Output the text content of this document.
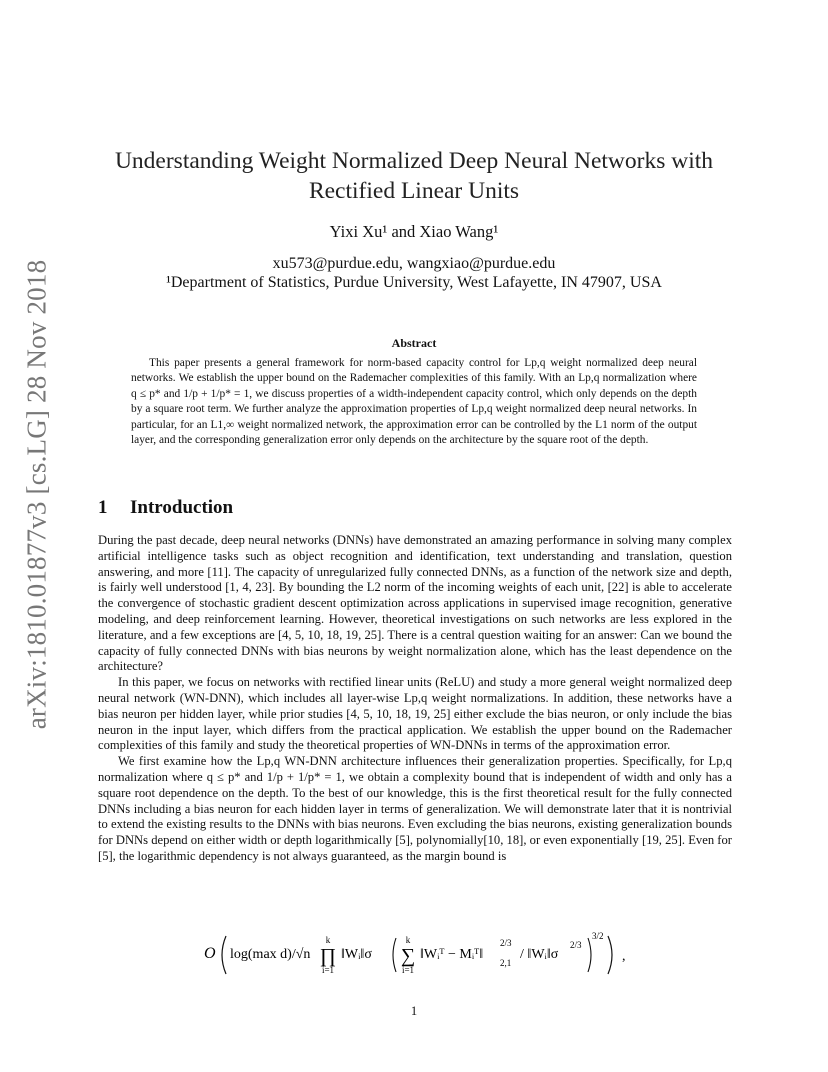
arXiv:1810.01877v3 [cs.LG] 28 Nov 2018
Understanding Weight Normalized Deep Neural Networks with
Rectified Linear Units
Yixi Xu¹ and Xiao Wang¹
xu573@purdue.edu, wangxiao@purdue.edu
¹Department of Statistics, Purdue University, West Lafayette, IN 47907, USA
Abstract
This paper presents a general framework for norm-based capacity control for Lp,q weight normalized deep neural networks. We establish the upper bound on the Rademacher complexities of this family. With an Lp,q normalization where q ≤ p* and 1/p + 1/p* = 1, we discuss properties of a width-independent capacity control, which only depends on the depth by a square root term. We further analyze the approximation properties of Lp,q weight normalized deep neural networks. In particular, for an L1,∞ weight normalized network, the approximation error can be controlled by the L1 norm of the output layer, and the corresponding generalization error only depends on the architecture by the square root of the depth.
1 Introduction

During the past decade, deep neural networks (DNNs) have demonstrated an amazing performance in solving many complex artificial intelligence tasks such as object recognition and identification, text understanding and translation, question answering, and more [11]. The capacity of unregularized fully connected DNNs, as a function of the network size and depth, is fairly well understood [1, 4, 23]. By bounding the L2 norm of the incoming weights of each unit, [22] is able to accelerate the convergence of stochastic gradient descent optimization across applications in supervised image recognition, generative modeling, and deep reinforcement learning. However, theoretical investigations on such networks are less explored in the literature, and a few exceptions are [4, 5, 10, 18, 19, 25]. There is a central question waiting for an answer: Can we bound the capacity of fully connected DNNs with bias neurons by weight normalization alone, which has the least dependence on the architecture?

In this paper, we focus on networks with rectified linear units (ReLU) and study a more general weight normalized deep neural network (WN-DNN), which includes all layer-wise Lp,q weight normalizations. In addition, these networks have a bias neuron per hidden layer, while prior studies [4, 5, 10, 18, 19, 25] either exclude the bias neuron, or only include the bias neuron in the input layer, which differs from the practical application. We establish the upper bound on the Rademacher complexities of this family and study the theoretical properties of WN-DNNs in terms of the approximation error.

We first examine how the Lp,q WN-DNN architecture influences their generalization properties. Specifically, for Lp,q normalization where q ≤ p* and 1/p + 1/p* = 1, we obtain a complexity bound that is independent of width and only has a square root dependence on the depth. To the best of our knowledge, this is the first theoretical result for the fully connected DNNs including a bias neuron for each hidden layer in terms of generalization. We will demonstrate later that it is nontrivial to extend the existing results to the DNNs with bias neurons. Even excluding the bias neurons, existing generalization bounds for DNNs depend on either width or depth logarithmically [5], polynomially[10, 18], or even exponentially [19, 25]. Even for [5], the logarithmic dependency is not always guaranteed, as the margin bound is

O log(max d)/√n
k
∏
i=1
‖Wᵢ‖σ
k
∑
i=1
‖Wᵢᵀ − Mᵢᵀ‖
2/3
2,1
/ ‖Wᵢ‖σ
2/3
3/2
,
1
